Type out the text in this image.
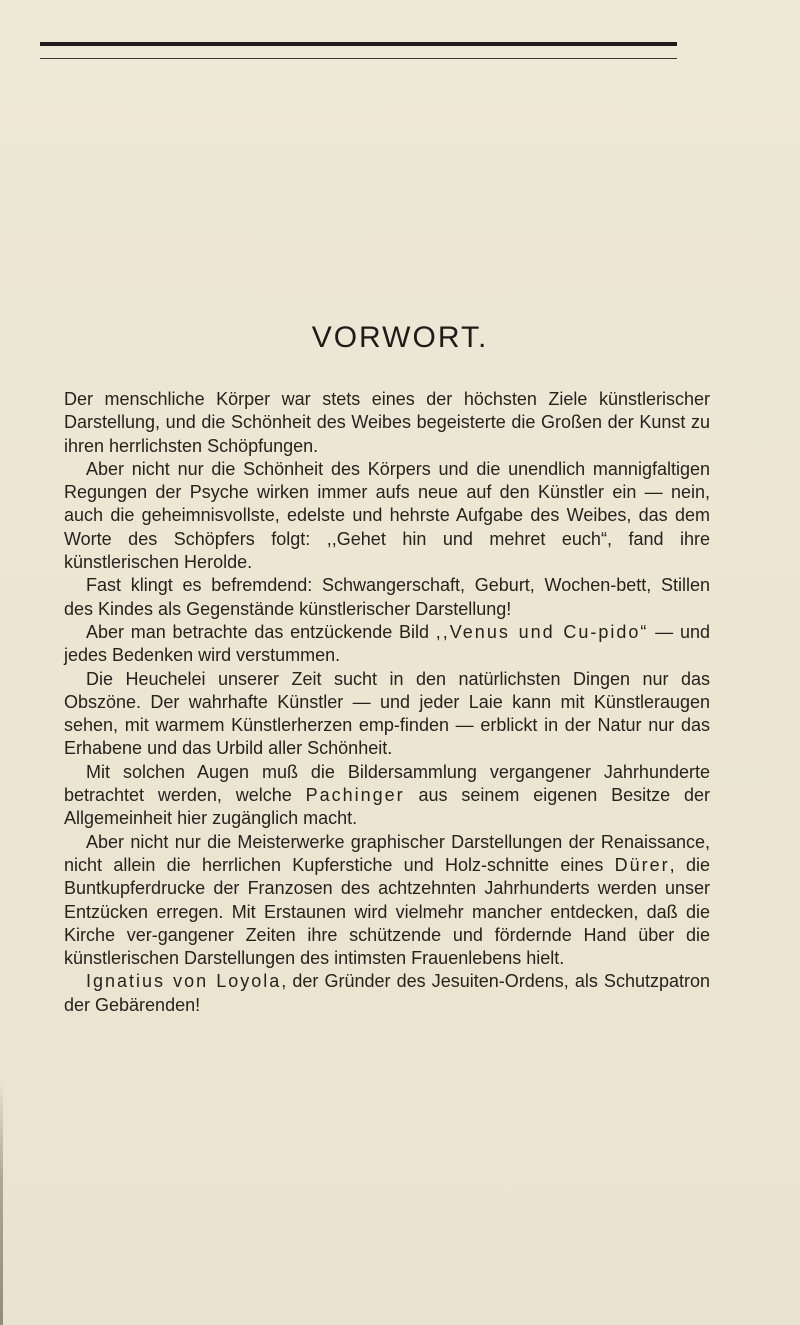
VORWORT.

Der menschliche Körper war stets eines der höchsten Ziele künstlerischer Darstellung, und die Schönheit des Weibes begeisterte die Großen der Kunst zu ihren herrlichsten Schöpfungen.

Aber nicht nur die Schönheit des Körpers und die unendlich mannigfaltigen Regungen der Psyche wirken immer aufs neue auf den Künstler ein — nein, auch die geheimnisvollste, edelste und hehrste Aufgabe des Weibes, das dem Worte des Schöpfers folgt: ,,Gehet hin und mehret euch“, fand ihre künstlerischen Herolde.

Fast klingt es befremdend: Schwangerschaft, Geburt, Wochen-bett, Stillen des Kindes als Gegenstände künstlerischer Darstellung!

Aber man betrachte das entzückende Bild ,,Venus und Cu-pido“ — und jedes Bedenken wird verstummen.

Die Heuchelei unserer Zeit sucht in den natürlichsten Dingen nur das Obszöne. Der wahrhafte Künstler — und jeder Laie kann mit Künstleraugen sehen, mit warmem Künstlerherzen emp-finden — erblickt in der Natur nur das Erhabene und das Urbild aller Schönheit.

Mit solchen Augen muß die Bildersammlung vergangener Jahrhunderte betrachtet werden, welche Pachinger aus seinem eigenen Besitze der Allgemeinheit hier zugänglich macht.

Aber nicht nur die Meisterwerke graphischer Darstellungen der Renaissance, nicht allein die herrlichen Kupferstiche und Holz-schnitte eines Dürer, die Buntkupferdrucke der Franzosen des achtzehnten Jahrhunderts werden unser Entzücken erregen. Mit Erstaunen wird vielmehr mancher entdecken, daß die Kirche ver-gangener Zeiten ihre schützende und fördernde Hand über die künstlerischen Darstellungen des intimsten Frauenlebens hielt.

Ignatius von Loyola, der Gründer des Jesuiten-Ordens, als Schutzpatron der Gebärenden!
